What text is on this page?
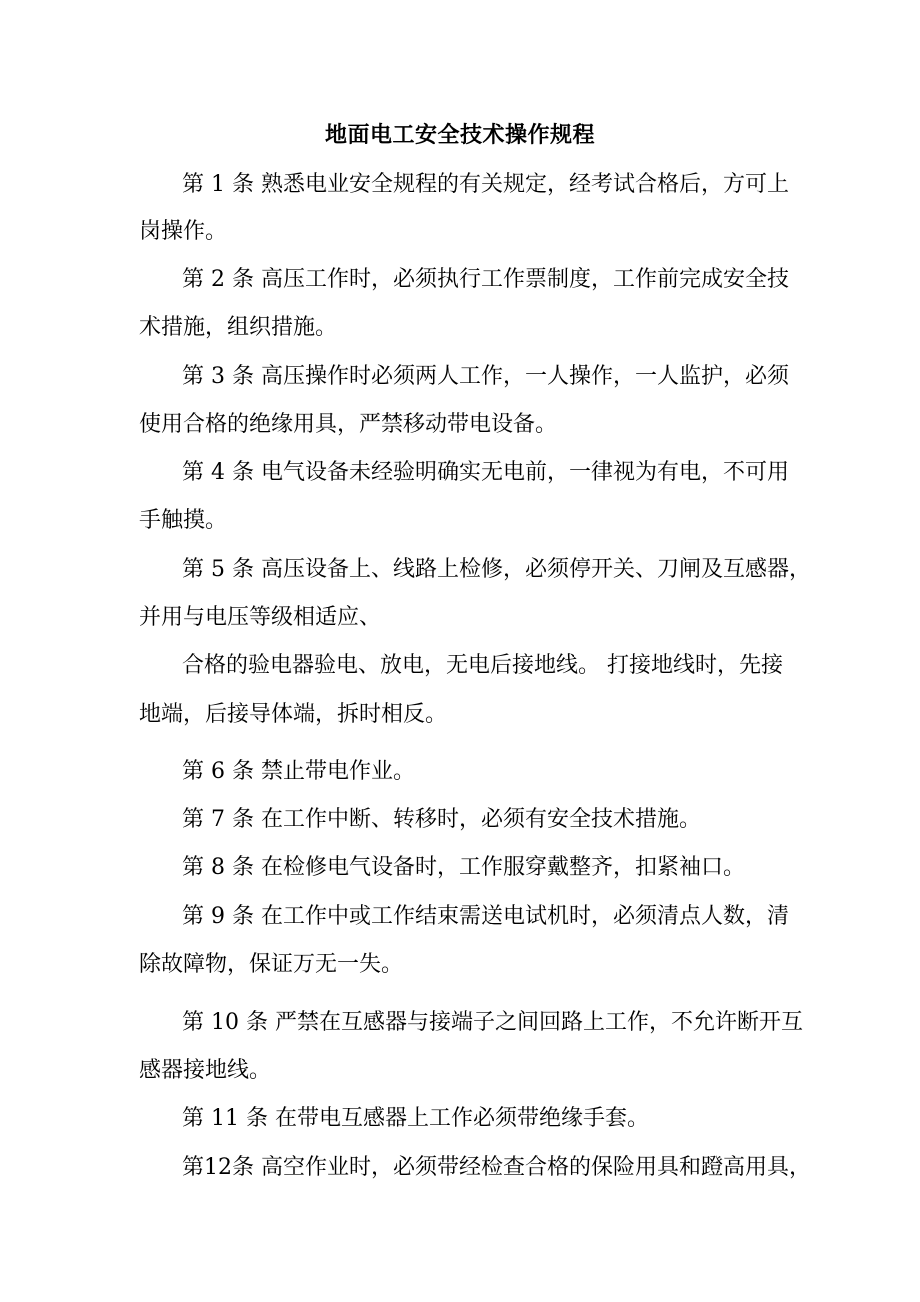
地面电工安全技术操作规程
第 1 条 熟悉电业安全规程的有关规定，经考试合格后，方可上
岗操作。
第 2 条 高压工作时，必须执行工作票制度，工作前完成安全技
术措施，组织措施。
第 3 条 高压操作时必须两人工作，一人操作，一人监护，必须
使用合格的绝缘用具，严禁移动带电设备。
第 4 条 电气设备未经验明确实无电前，一律视为有电，不可用
手触摸。
第 5 条 高压设备上、线路上检修，必须停开关、刀闸及互感器，
并用与电压等级相适应、
合格的验电器验电、放电，无电后接地线。 打接地线时，先接
地端，后接导体端，拆时相反。
第 6 条 禁止带电作业。
第 7 条 在工作中断、转移时，必须有安全技术措施。
第 8 条 在检修电气设备时，工作服穿戴整齐，扣紧袖口。
第 9 条 在工作中或工作结束需送电试机时，必须清点人数，清
除故障物，保证万无一失。
第 10 条 严禁在互感器与接端子之间回路上工作，不允许断开互
感器接地线。
第 11 条 在带电互感器上工作必须带绝缘手套。
第12条 高空作业时，必须带经检查合格的保险用具和蹬高用具，
